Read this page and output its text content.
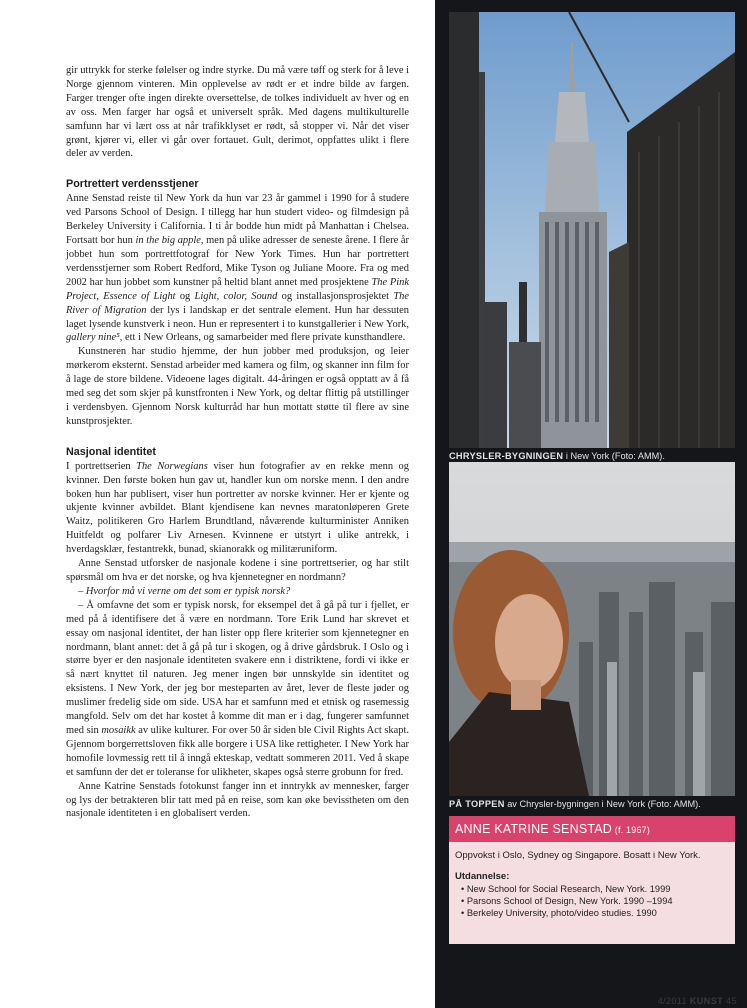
gir uttrykk for sterke følelser og indre styrke. Du må være tøff og sterk for å leve i Norge gjennom vinteren. Min opplevelse av rødt er et indre bilde av fargen. Farger trenger ofte ingen direkte oversettelse, de tolkes individuelt av hver og en av oss. Men farger har også et universelt språk. Med dagens multikulturelle samfunn har vi lært oss at når trafikklyset er rødt, så stopper vi. Når det viser grønt, kjører vi, eller vi går over fortauet. Gult, derimot, oppfattes ulikt i flere deler av verden.

Portrettert verdensstjener

Anne Senstad reiste til New York da hun var 23 år gammel i 1990 for å studere ved Parsons School of Design. I tillegg har hun studert video- og filmdesign på Berkeley University i California. I ti år bodde hun midt på Manhattan i Chelsea. Fortsatt bor hun in the big apple, men på ulike adresser de seneste årene. I flere år jobbet hun som portrettfotograf for New York Times. Hun har portrettert verdensstjerner som Robert Redford, Mike Tyson og Juliane Moore. Fra og med 2002 har hun jobbet som kunstner på heltid blant annet med prosjektene The Pink Project, Essence of Light og Light, color, Sound og installasjonsprosjektet The River of Migration der lys i landskap er det sentrale element. Hun har dessuten laget lysende kunstverk i neon. Hun er representert i to kunstgallerier i New York, gallery nine⁵, ett i New Orleans, og samarbeider med flere private kunsthandlere.

Kunstneren har studio hjemme, der hun jobber med produksjon, og leier mørkerom eksternt. Senstad arbeider med kamera og film, og skanner inn film for å lage de store bildene. Videoene lages digitalt. 44-åringen er også opptatt av å få med seg det som skjer på kunstfronten i New York, og deltar flittig på utstillinger i verdensbyen. Gjennom Norsk kulturråd har hun mottatt støtte til flere av sine kunstprosjekter.

Nasjonal identitet

I portrettserien The Norwegians viser hun fotografier av en rekke menn og kvinner. Den første boken hun gav ut, handler kun om norske menn. I den andre boken hun har publisert, viser hun portretter av norske kvinner. Her er kjente og ukjente kvinner avbildet. Blant kjendisene kan nevnes maratonløperen Grete Waitz, politikeren Gro Harlem Brundtland, nåværende kulturminister Anniken Huitfeldt og polfarer Liv Arnesen. Kvinnene er utstyrt i ulike antrekk, i hverdagsklær, festantrekk, bunad, skianorakk og militæruniform.

Anne Senstad utforsker de nasjonale kodene i sine portrettserier, og har stilt spørsmål om hva er det norske, og hva kjennetegner en nordmann?

– Hvorfor må vi verne om det som er typisk norsk?

– Å omfavne det som er typisk norsk, for eksempel det å gå på tur i fjellet, er med på å identifisere det å være en nordmann. Tore Erik Lund har skrevet et essay om nasjonal identitet, der han lister opp flere kriterier som kjennetegner en nordmann, blant annet: det å gå på tur i skogen, og å drive gårdsbruk. I Oslo og i større byer er den nasjonale identiteten svakere enn i distriktene, fordi vi ikke er så nært knyttet til naturen. Jeg mener ingen bør unnskylde sin identitet og eksistens. I New York, der jeg bor mesteparten av året, lever de fleste jøder og muslimer fredelig side om side. USA har et samfunn med et etnisk og rasemessig mangfold. Selv om det har kostet å komme dit man er i dag, fungerer samfunnet med sin mosaikk av ulike kulturer. For over 50 år siden ble Civil Rights Act skapt. Gjennom borgerrettsloven fikk alle borgere i USA like rettigheter. I New York har homofile lovmessig rett til å inngå ekteskap, vedtatt sommeren 2011. Ved å skape et samfunn der det er toleranse for ulikheter, skapes også sterre grobunn for fred.

Anne Katrine Senstads fotokunst fanger inn et inntrykk av mennesker, farger og lys der betrakteren blir tatt med på en reise, som kan øke bevisstheten om den nasjonale identiteten i en globalisert verden.

CHRYSLER-BYGNINGEN i New York (Foto: AMM).
PÅ TOPPEN av Chrysler-bygningen i New York (Foto: AMM).
ANNE KATRINE SENSTAD (f. 1967)
Oppvokst i Oslo, Sydney og Singapore. Bosatt i New York.
Utdannelse:
• New School for Social Research, New York. 1999
• Parsons School of Design, New York. 1990 –1994
• Berkeley University, photo/video studies. 1990
4/2011 KUNST 45
